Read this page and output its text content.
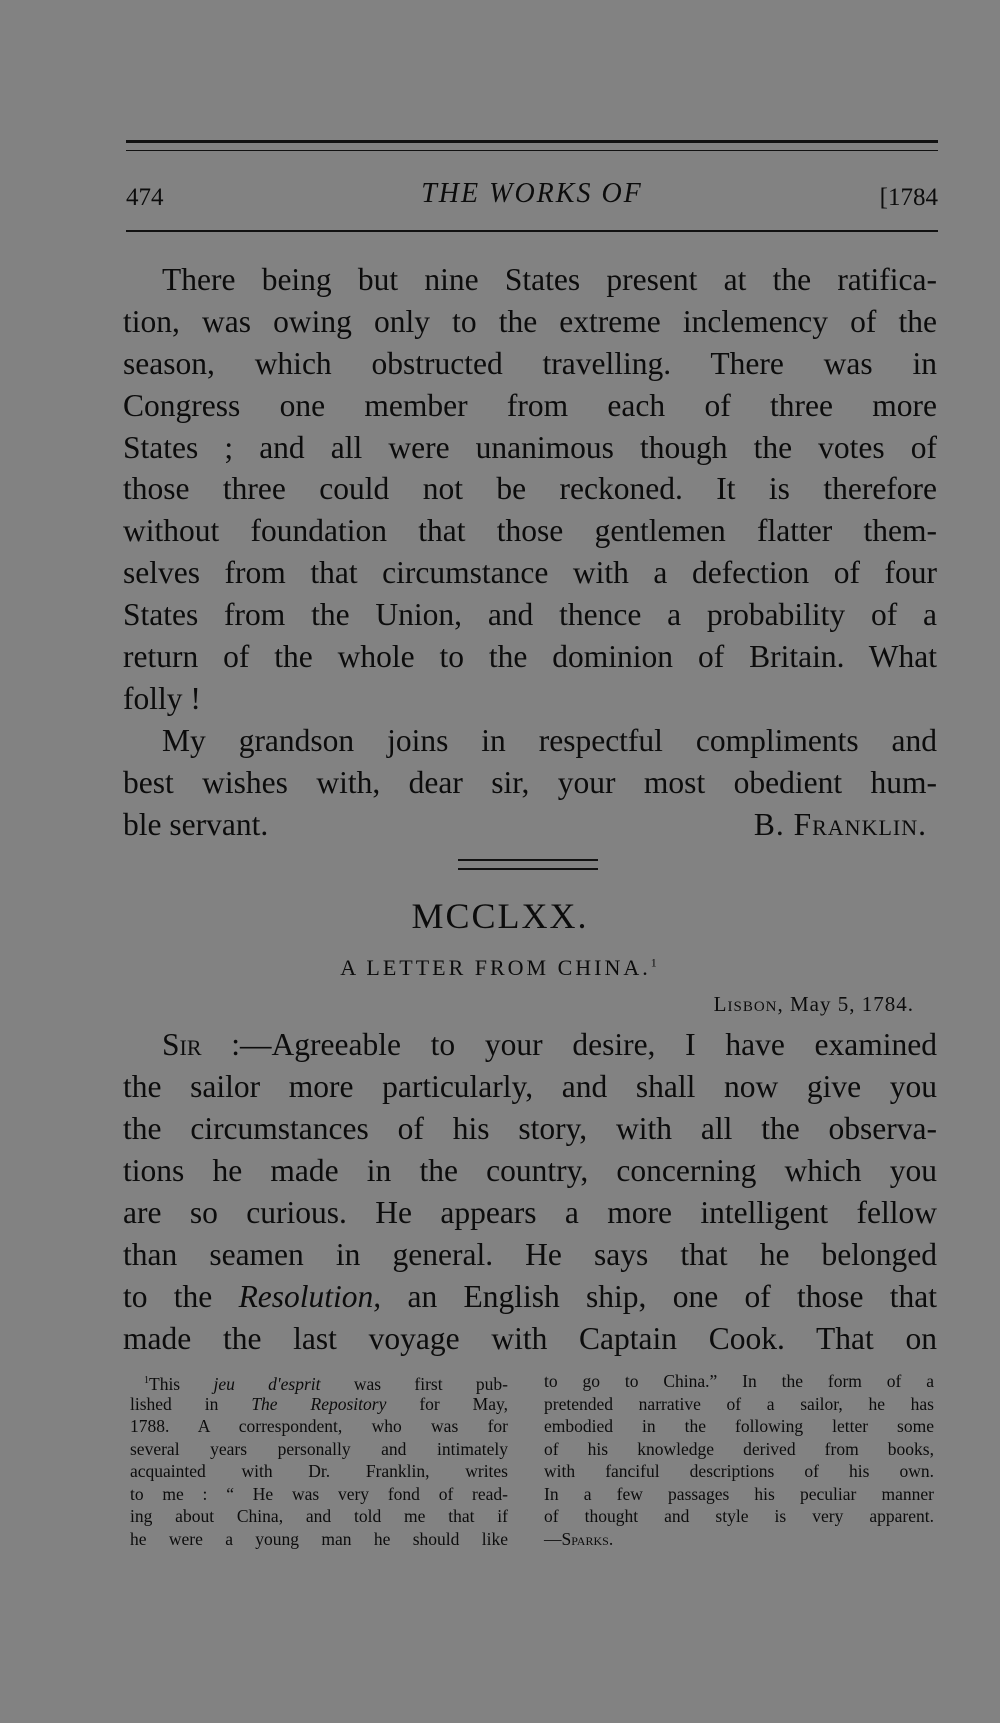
474	THE WORKS OF	[1784
There being but nine States present at the ratifica-
tion, was owing only to the extreme inclemency of the
season, which obstructed travelling. There was in
Congress one member from each of three more
States ; and all were unanimous though the votes of
those three could not be reckoned. It is therefore
without foundation that those gentlemen flatter them-
selves from that circumstance with a defection of four
States from the Union, and thence a probability of a
return of the whole to the dominion of Britain. What
folly !
My grandson joins in respectful compliments and
best wishes with, dear sir, your most obedient hum-
ble servant.	B. Franklin.
MCCLXX.
A LETTER FROM CHINA.$^1$
Lisbon, May 5, 1784.
Sir :—Agreeable to your desire, I have examined
the sailor more particularly, and shall now give you
the circumstances of his story, with all the observa-
tions he made in the country, concerning which you
are so curious. He appears a more intelligent fellow
than seamen in general. He says that he belonged
to the Resolution, an English ship, one of those that
made the last voyage with Captain Cook. That on
$^1$This jeu d'esprit was first pub-
lished in The Repository for May,
1788. A correspondent, who was for
several years personally and intimately
acquainted with Dr. Franklin, writes
to me : “ He was very fond of read-
ing about China, and told me that if
he were a young man he should like
to go to China.” In the form of a
pretended narrative of a sailor, he has
embodied in the following letter some
of his knowledge derived from books,
with fanciful descriptions of his own.
In a few passages his peculiar manner
of thought and style is very apparent.
—Sparks.
